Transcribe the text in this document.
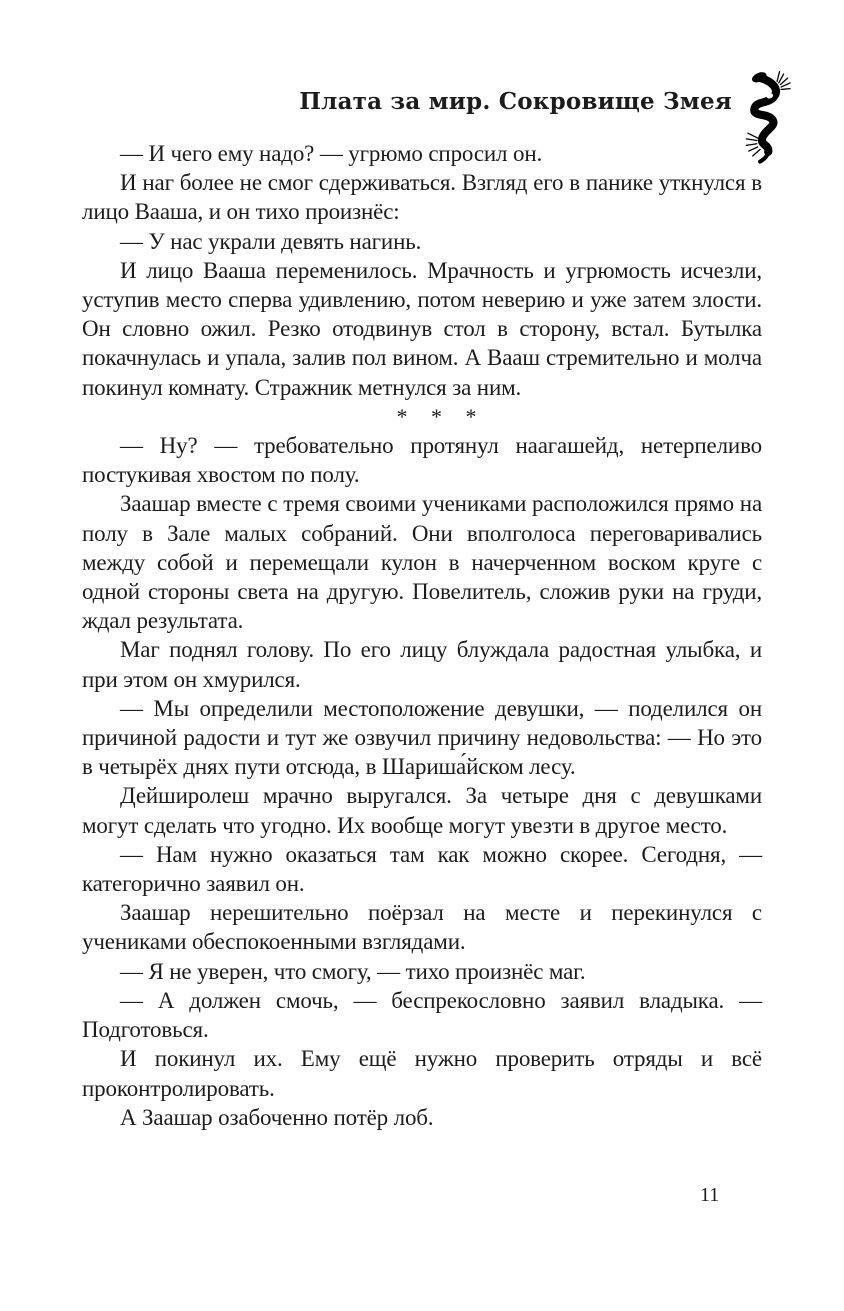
Плата за мир. Сокровище Змея

— И чего ему надо? — угрюмо спросил он.

И наг более не смог сдерживаться. Взгляд его в панике уткнулся в лицо Вааша, и он тихо произнёс:

— У нас украли девять нагинь.

И лицо Вааша переменилось. Мрачность и угрюмость исчезли, уступив место сперва удивлению, потом неверию и уже затем злости. Он словно ожил. Резко отодвинув стол в сторону, встал. Бутылка покачнулась и упала, залив пол вином. А Вааш стремительно и молча покинул комнату. Стражник метнулся за ним.

* * *

— Ну? — требовательно протянул наагашейд, нетерпеливо постукивая хвостом по полу.

Заашар вместе с тремя своими учениками расположился прямо на полу в Зале малых собраний. Они вполголоса переговаривались между собой и перемещали кулон в начерченном воском круге с одной стороны света на другую. Повелитель, сложив руки на груди, ждал результата.

Маг поднял голову. По его лицу блуждала радостная улыбка, и при этом он хмурился.

— Мы определили местоположение девушки, — поделился он причиной радости и тут же озвучил причину недовольства: — Но это в четырёх днях пути отсюда, в Шариша́йском лесу.

Дейширолеш мрачно выругался. За четыре дня с девушками могут сделать что угодно. Их вообще могут увезти в другое место.

— Нам нужно оказаться там как можно скорее. Сегодня, — категорично заявил он.

Заашар нерешительно поёрзал на месте и перекинулся с учениками обеспокоенными взглядами.

— Я не уверен, что смогу, — тихо произнёс маг.

— А должен смочь, — беспрекословно заявил владыка. — Подготовься.

И покинул их. Ему ещё нужно проверить отряды и всё проконтролировать.

А Заашар озабоченно потёр лоб.

11
